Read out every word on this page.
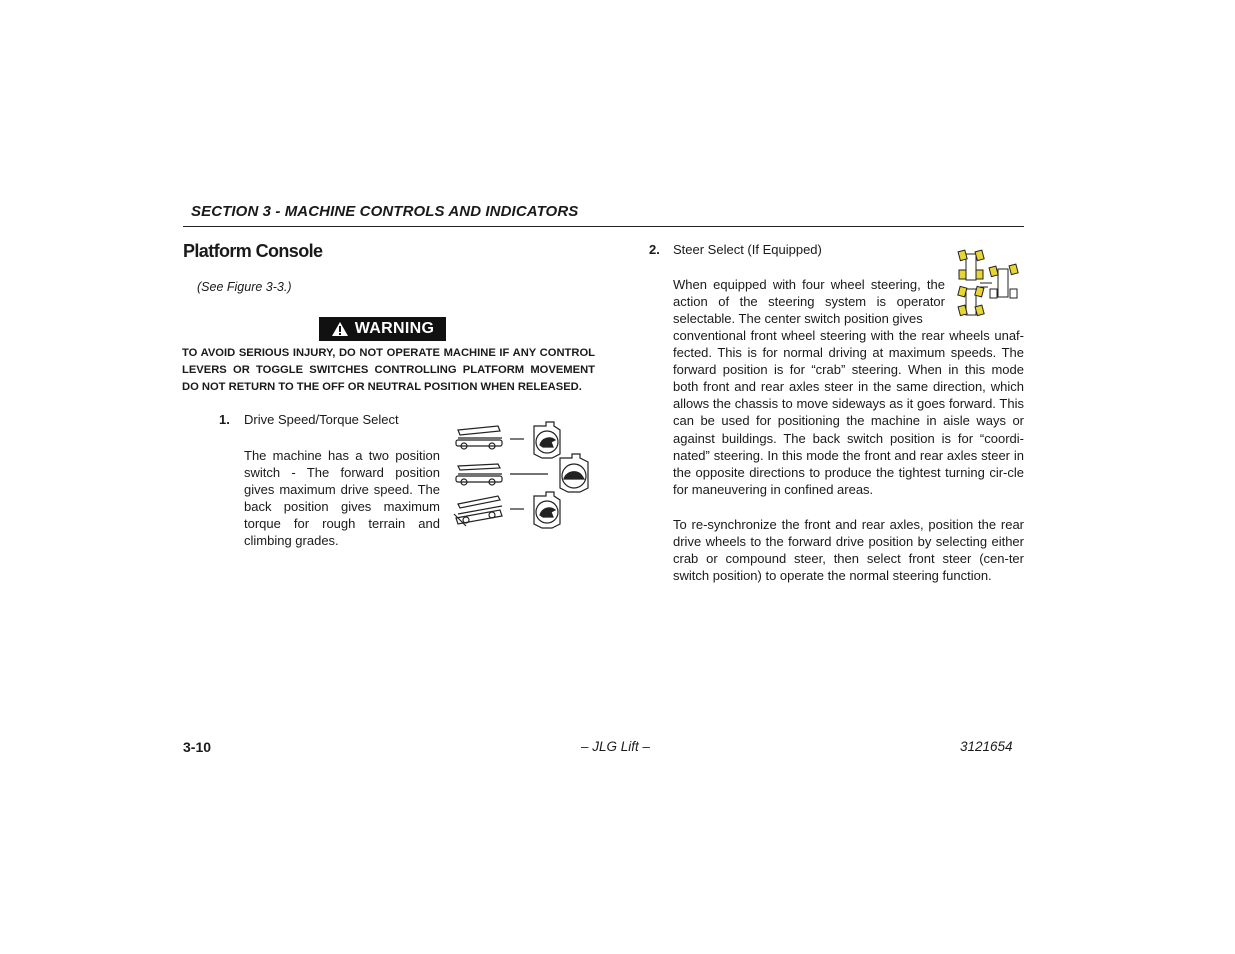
SECTION 3 - MACHINE CONTROLS AND INDICATORS
Platform Console
(See Figure 3-3.)
WARNING
TO AVOID SERIOUS INJURY, DO NOT OPERATE MACHINE IF ANY CONTROL LEVERS OR TOGGLE SWITCHES CONTROLLING PLATFORM MOVEMENT DO NOT RETURN TO THE OFF OR NEUTRAL POSITION WHEN RELEASED.
1. Drive Speed/Torque Select
The machine has a two position switch - The forward position gives maximum drive speed. The back position gives maximum torque for rough terrain and climbing grades.
2. Steer Select (If Equipped)
When equipped with four wheel steering, the action of the steering system is operator selectable. The center switch position gives
conventional front wheel steering with the rear wheels unaf-fected. This is for normal driving at maximum speeds. The forward position is for “crab” steering. When in this mode both front and rear axles steer in the same direction, which allows the chassis to move sideways as it goes forward. This can be used for positioning the machine in aisle ways or against buildings. The back switch position is for “coordi-nated” steering. In this mode the front and rear axles steer in the opposite directions to produce the tightest turning cir-cle for maneuvering in confined areas.
To re-synchronize the front and rear axles, position the rear drive wheels to the forward drive position by selecting either crab or compound steer, then select front steer (cen-ter switch position) to operate the normal steering function.
3-10	– JLG Lift –	3121654
